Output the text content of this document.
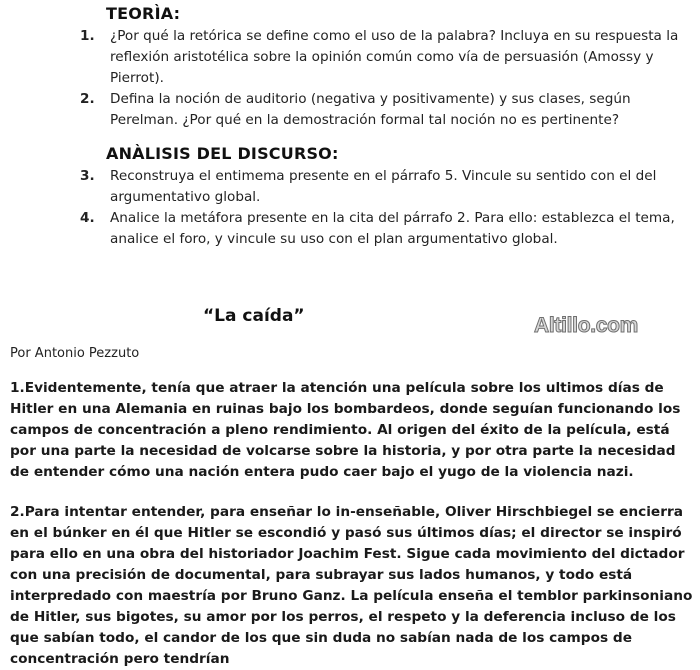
TEORÌA:
1.	¿Por qué la retórica se define como el uso de la palabra? Incluya en su respuesta la reflexión aristotélica sobre la opinión común como vía de persuasión (Amossy y Pierrot).
2.	Defina la noción de auditorio (negativa y positivamente) y sus clases, según Perelman. ¿Por qué en la demostración formal tal noción no es pertinente?
ANÀLISIS DEL DISCURSO:
3.	Reconstruya el entimema presente en el párrafo 5. Vincule su sentido con el del argumentativo global.
4.	Analice la metáfora presente en la cita del párrafo 2. Para ello: establezca el tema, analice el foro, y vincule su uso con el plan argumentativo global.
“La caída”	Altillo.com
Por Antonio Pezzuto

1.Evidentemente, tenía que atraer la atención una película sobre los ultimos días de Hitler en una Alemania en ruinas bajo los bombardeos, donde seguían funcionando los campos de concentración a pleno rendimiento. Al origen del éxito de la película, está por una parte la necesidad de volcarse sobre la historia, y por otra parte la necesidad de entender cómo una nación entera pudo caer bajo el yugo de la violencia nazi.

2.Para intentar entender, para enseñar lo in-enseñable, Oliver Hirschbiegel se encierra en el búnker en él que Hitler se escondió y pasó sus últimos días; el director se inspiró para ello en una obra del historiador Joachim Fest. Sigue cada movimiento del dictador con una precisión de documental, para subrayar sus lados humanos, y todo está interpredado con maestría por Bruno Ganz. La película enseña el temblor parkinsoniano de Hitler, sus bigotes, su amor por los perros, el respeto y la deferencia incluso de los que sabían todo, el candor de los que sin duda no sabían nada de los campos de concentración pero tendrían
